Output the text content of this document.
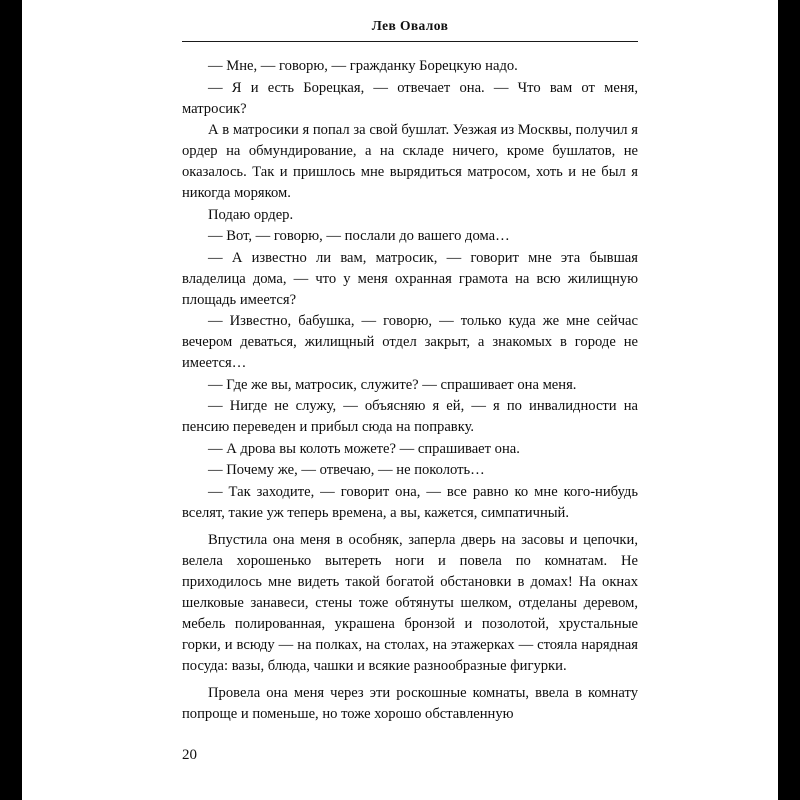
Лев Овалов

— Мне, — говорю, — гражданку Борецкую надо.

— Я и есть Борецкая, — отвечает она. — Что вам от меня, матросик?

А в матросики я попал за свой бушлат. Уезжая из Москвы, получил я ордер на обмундирование, а на складе ничего, кроме бушлатов, не оказалось. Так и пришлось мне вырядиться матросом, хоть и не был я никогда моряком.

Подаю ордер.

— Вот, — говорю, — послали до вашего дома…

— А известно ли вам, матросик, — говорит мне эта бывшая владелица дома, — что у меня охранная грамота на всю жилищную площадь имеется?

— Известно, бабушка, — говорю, — только куда же мне сейчас вечером деваться, жилищный отдел закрыт, а знакомых в городе не имеется…

— Где же вы, матросик, служите? — спрашивает она меня.

— Нигде не служу, — объясняю я ей, — я по инвалидности на пенсию переведен и прибыл сюда на поправку.

— А дрова вы колоть можете? — спрашивает она.

— Почему же, — отвечаю, — не поколоть…

— Так заходите, — говорит она, — все равно ко мне кого-нибудь вселят, такие уж теперь времена, а вы, кажется, симпатичный.

Впустила она меня в особняк, заперла дверь на засовы и цепочки, велела хорошенько вытереть ноги и повела по комнатам. Не приходилось мне видеть такой богатой обстановки в домах! На окнах шелковые занавеси, стены тоже обтянуты шелком, отделаны деревом, мебель полированная, украшена бронзой и позолотой, хрустальные горки, и всюду — на полках, на столах, на этажерках — стояла нарядная посуда: вазы, блюда, чашки и всякие разнообразные фигурки.

Провела она меня через эти роскошные комнаты, ввела в комнату попроще и поменьше, но тоже хорошо обставленную

20
